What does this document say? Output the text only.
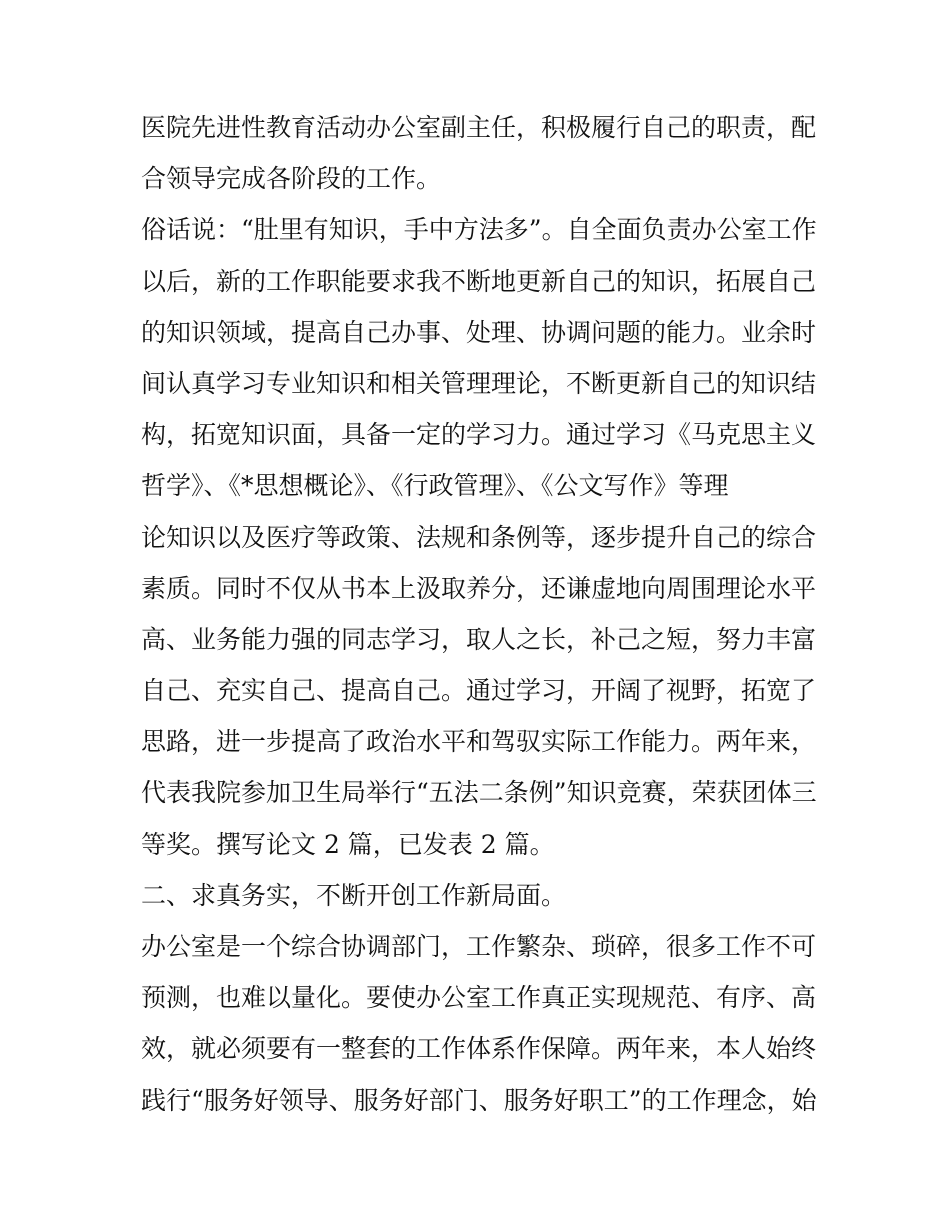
医院先进性教育活动办公室副主任，积极履行自己的职责，配
合领导完成各阶段的工作。
俗话说：“肚里有知识，手中方法多”。自全面负责办公室工作
以后，新的工作职能要求我不断地更新自己的知识，拓展自己
的知识领域，提高自己办事、处理、协调问题的能力。业余时
间认真学习专业知识和相关管理理论，不断更新自己的知识结
构，拓宽知识面，具备一定的学习力。通过学习《马克思主义
哲学》、《*思想概论》、《行政管理》、《公文写作》等理
论知识以及医疗等政策、法规和条例等，逐步提升自己的综合
素质。同时不仅从书本上汲取养分，还谦虚地向周围理论水平
高、业务能力强的同志学习，取人之长，补己之短，努力丰富
自己、充实自己、提高自己。通过学习，开阔了视野，拓宽了
思路，进一步提高了政治水平和驾驭实际工作能力。两年来，
代表我院参加卫生局举行“五法二条例”知识竞赛，荣获团体三
等奖。撰写论文 2 篇，已发表 2 篇。
二、求真务实，不断开创工作新局面。
办公室是一个综合协调部门，工作繁杂、琐碎，很多工作不可
预测，也难以量化。要使办公室工作真正实现规范、有序、高
效，就必须要有一整套的工作体系作保障。两年来，本人始终
践行“服务好领导、服务好部门、服务好职工”的工作理念，始
